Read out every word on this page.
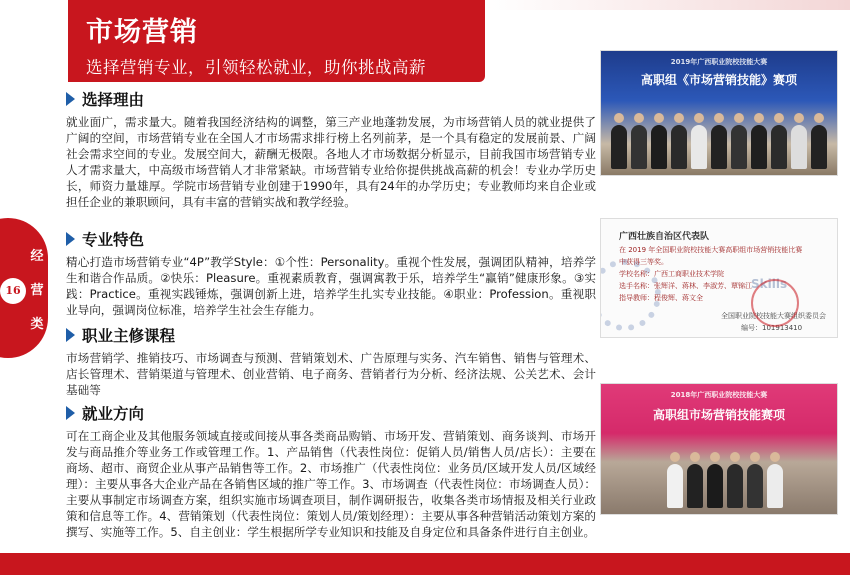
市场营销
选择营销专业，引领轻松就业，助你挑战高薪
经
营
类
16
选择理由

就业面广，需求量大。随着我国经济结构的调整，第三产业地蓬勃发展，为市场营销人员的就业提供了广阔的空间，市场营销专业在全国人才市场需求排行榜上名列前茅，是一个具有稳定的发展前景、广阔社会需求空间的专业。发展空间大，薪酬无极限。各地人才市场数据分析显示，目前我国市场营销专业人才需求量大，中高级市场营销人才非常紧缺。市场营销专业给你提供挑战高薪的机会！专业办学历史长，师资力量雄厚。学院市场营销专业创建于1990年，具有24年的办学历史；专业教师均来自企业或担任企业的兼职顾问，具有丰富的营销实战和教学经验。

专业特色

精心打造市场营销专业“4P”教学Style：①个性：Personality。重视个性发展，强调团队精神，培养学生和谐合作品质。②快乐：Pleasure。重视素质教育，强调寓教于乐，培养学生“赢销”健康形象。③实践：Practice。重视实践锤炼，强调创新上进，培养学生扎实专业技能。④职业：Profession。重视职业导向，强调岗位标准，培养学生社会生存能力。

职业主修课程

市场营销学、推销技巧、市场调查与预测、营销策划术、广告原理与实务、汽车销售、销售与管理术、店长管理术、营销渠道与管理术、创业营销、电子商务、营销者行为分析、经济法规、公关艺术、会计基础等

就业方向

可在工商企业及其他服务领域直接或间接从事各类商品购销、市场开发、营销策划、商务谈判、市场开发与商品推介等业务工作或管理工作。1、产品销售（代表性岗位：促销人员/销售人员/店长）：主要在商场、超市、商贸企业从事产品销售等工作。2、市场推广（代表性岗位：业务员/区域开发人员/区域经理）：主要从事各大企业产品在各销售区域的推广等工作。3、市场调查（代表性岗位：市场调查人员）：主要从事制定市场调查方案，组织实施市场调查项目，制作调研报告，收集各类市场情报及相关行业政策和信息等工作。4、营销策划（代表性岗位：策划人员/策划经理）：主要从事各种营销活动策划方案的撰写、实施等工作。5、自主创业：学生根据所学专业知识和技能及自身定位和具备条件进行自主创业。

2019年广西职业院校技能大赛
高职组《市场营销技能》赛项
广西壮族自治区代表队
在 2019 年全国职业院校技能大赛高职组市场营销技能比赛
中获得三等奖。
学校名称：广西工商职业技术学院
选手名称：张辉洋、蒋林、李淑芳、覃锦江
指导教师：程俊辉、蒋文全
全国职业院校技能大赛组织委员会
编号：101913410
Skills
2018年广西职业院校技能大赛
高职组市场营销技能赛项
